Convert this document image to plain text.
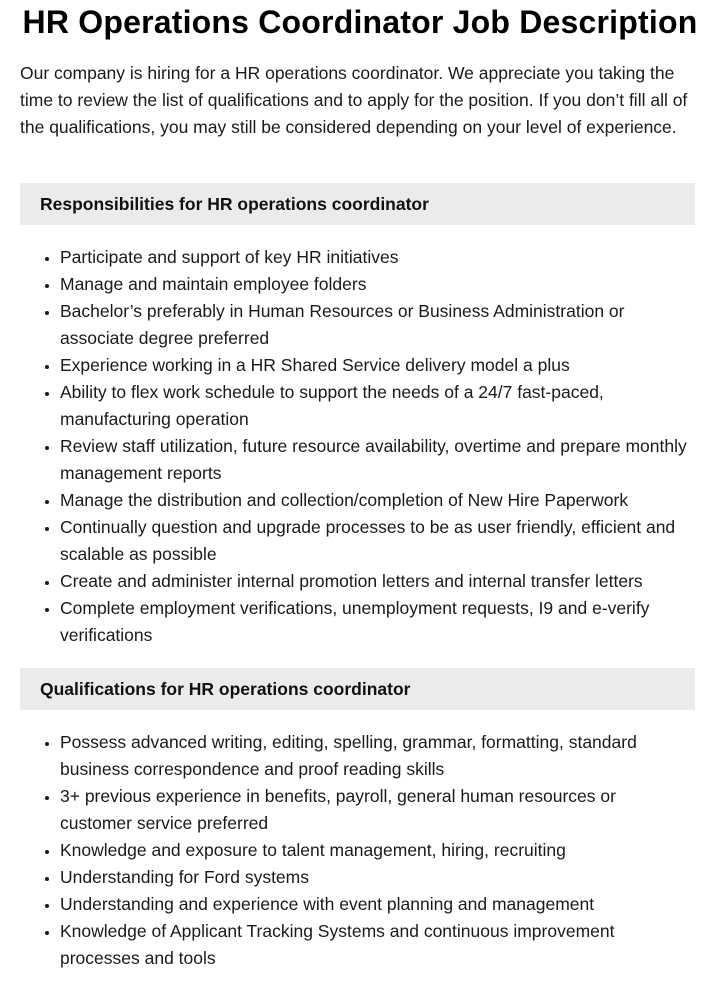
HR Operations Coordinator Job Description

Our company is hiring for a HR operations coordinator. We appreciate you taking the time to review the list of qualifications and to apply for the position. If you don’t fill all of the qualifications, you may still be considered depending on your level of experience.

Responsibilities for HR operations coordinator
• Participate and support of key HR initiatives
• Manage and maintain employee folders
• Bachelor’s preferably in Human Resources or Business Administration or associate degree preferred
• Experience working in a HR Shared Service delivery model a plus
• Ability to flex work schedule to support the needs of a 24/7 fast-paced, manufacturing operation
• Review staff utilization, future resource availability, overtime and prepare monthly management reports
• Manage the distribution and collection/completion of New Hire Paperwork
• Continually question and upgrade processes to be as user friendly, efficient and scalable as possible
• Create and administer internal promotion letters and internal transfer letters
• Complete employment verifications, unemployment requests, I9 and e-verify verifications
Qualifications for HR operations coordinator
• Possess advanced writing, editing, spelling, grammar, formatting, standard business correspondence and proof reading skills
• 3+ previous experience in benefits, payroll, general human resources or customer service preferred
• Knowledge and exposure to talent management, hiring, recruiting
• Understanding for Ford systems
• Understanding and experience with event planning and management
• Knowledge of Applicant Tracking Systems and continuous improvement processes and tools
